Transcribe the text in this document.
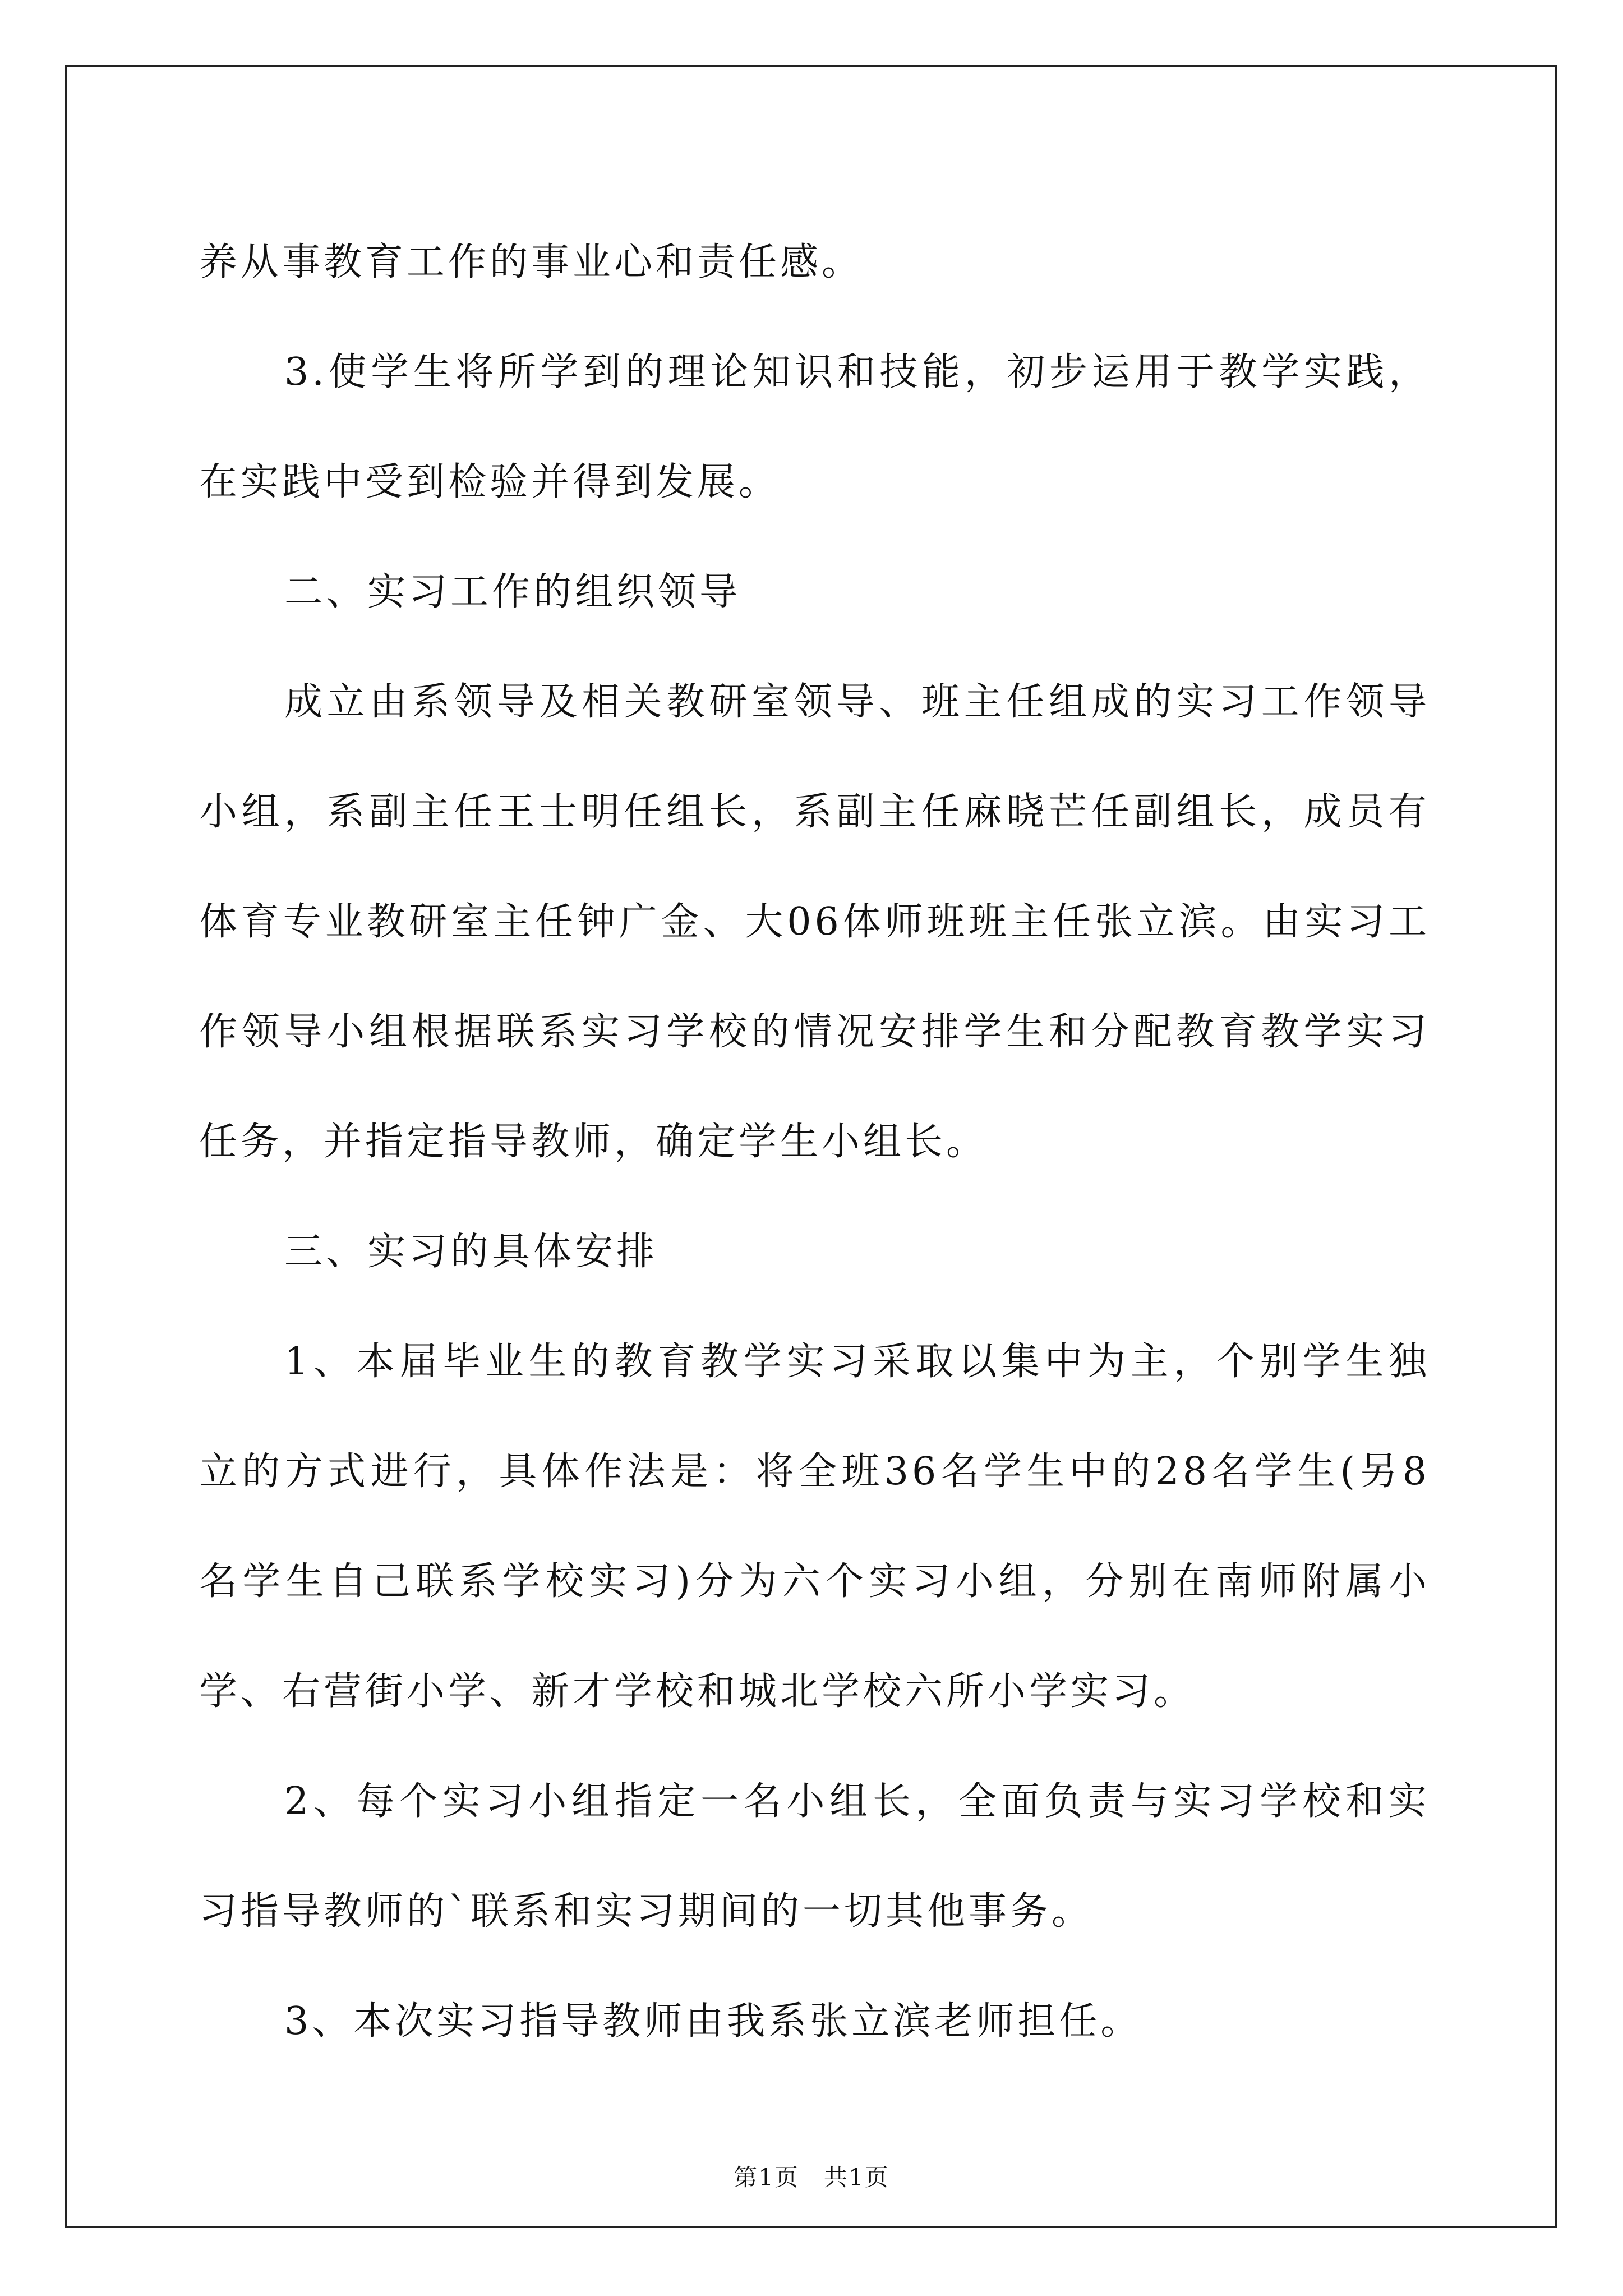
养从事教育工作的事业心和责任感。

3.使学生将所学到的理论知识和技能，初步运用于教学实践，在实践中受到检验并得到发展。

二、实习工作的组织领导

成立由系领导及相关教研室领导、班主任组成的实习工作领导小组，系副主任王士明任组长，系副主任麻晓芒任副组长，成员有体育专业教研室主任钟广金、大06体师班班主任张立滨。由实习工作领导小组根据联系实习学校的情况安排学生和分配教育教学实习任务，并指定指导教师，确定学生小组长。

三、实习的具体安排

1、本届毕业生的教育教学实习采取以集中为主，个别学生独立的方式进行，具体作法是：将全班36名学生中的28名学生(另8名学生自己联系学校实习)分为六个实习小组，分别在南师附属小学、右营街小学、新才学校和城北学校六所小学实习。

2、每个实习小组指定一名小组长，全面负责与实习学校和实习指导教师的`联系和实习期间的一切其他事务。

3、本次实习指导教师由我系张立滨老师担任。

第1页　共1页
